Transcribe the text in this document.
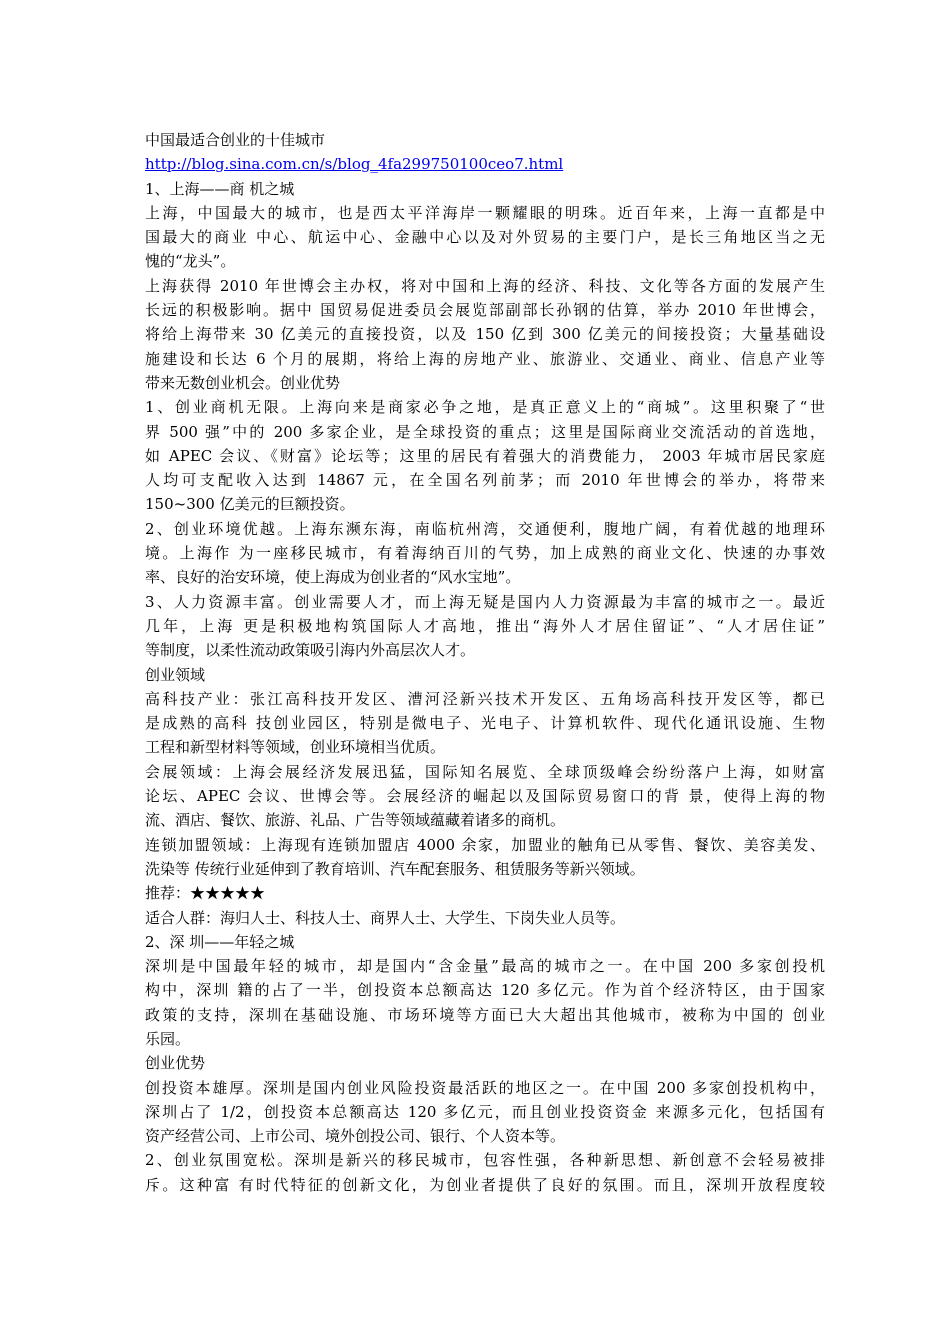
中国最适合创业的十佳城市
http://blog.sina.com.cn/s/blog_4fa299750100ceo7.html
1、上海——商 机之城
上海，中国最大的城市，也是西太平洋海岸一颗耀眼的明珠。近百年来，上海一直都是中
国最大的商业 中心、航运中心、金融中心以及对外贸易的主要门户，是长三角地区当之无
愧的“龙头”。
上海获得 2010 年世博会主办权，将对中国和上海的经济、科技、文化等各方面的发展产生
长远的积极影响。据中 国贸易促进委员会展览部副部长孙钢的估算，举办 2010 年世博会，
将给上海带来 30 亿美元的直接投资，以及 150 亿到 300 亿美元的间接投资；大量基础设
施建设和长达 6 个月的展期，将给上海的房地产业、旅游业、交通业、商业、信息产业等
带来无数创业机会。创业优势
1、创业商机无限。上海向来是商家必争之地，是真正意义上的“商城”。这里积聚了“世
界 500 强”中的 200 多家企业，是全球投资的重点；这里是国际商业交流活动的首选地，
如 APEC 会议、《财富》论坛等；这里的居民有着强大的消费能力， 2003 年城市居民家庭
人均可支配收入达到 14867 元，在全国名列前茅；而 2010 年世博会的举办，将带来
150~300 亿美元的巨额投资。
2、创业环境优越。上海东濒东海，南临杭州湾，交通便利，腹地广阔，有着优越的地理环
境。上海作 为一座移民城市，有着海纳百川的气势，加上成熟的商业文化、快速的办事效
率、良好的治安环境，使上海成为创业者的“风水宝地”。
3、人力资源丰富。创业需要人才，而上海无疑是国内人力资源最为丰富的城市之一。最近
几年，上海 更是积极地构筑国际人才高地，推出“海外人才居住留证”、“人才居住证”
等制度，以柔性流动政策吸引海内外高层次人才。
创业领域
高科技产业：张江高科技开发区、漕河泾新兴技术开发区、五角场高科技开发区等，都已
是成熟的高科 技创业园区，特别是微电子、光电子、计算机软件、现代化通讯设施、生物
工程和新型材料等领域，创业环境相当优质。
会展领域：上海会展经济发展迅猛，国际知名展览、全球顶级峰会纷纷落户上海，如财富
论坛、APEC 会议、世博会等。会展经济的崛起以及国际贸易窗口的背 景，使得上海的物
流、酒店、餐饮、旅游、礼品、广告等领域蕴藏着诸多的商机。
连锁加盟领域：上海现有连锁加盟店 4000 余家，加盟业的触角已从零售、餐饮、美容美发、
洗染等 传统行业延伸到了教育培训、汽车配套服务、租赁服务等新兴领域。
推荐：★★★★★
适合人群：海归人士、科技人士、商界人士、大学生、下岗失业人员等。
2、深 圳——年轻之城
深圳是中国最年轻的城市，却是国内“含金量”最高的城市之一。在中国 200 多家创投机
构中，深圳 籍的占了一半，创投资本总额高达 120 多亿元。作为首个经济特区，由于国家
政策的支持，深圳在基础设施、市场环境等方面已大大超出其他城市，被称为中国的 创业
乐园。
创业优势
创投资本雄厚。深圳是国内创业风险投资最活跃的地区之一。在中国 200 多家创投机构中，
深圳占了 1/2，创投资本总额高达 120 多亿元，而且创业投资资金 来源多元化，包括国有
资产经营公司、上市公司、境外创投公司、银行、个人资本等。
2、创业氛围宽松。深圳是新兴的移民城市，包容性强，各种新思想、新创意不会轻易被排
斥。这种富 有时代特征的创新文化，为创业者提供了良好的氛围。而且，深圳开放程度较
